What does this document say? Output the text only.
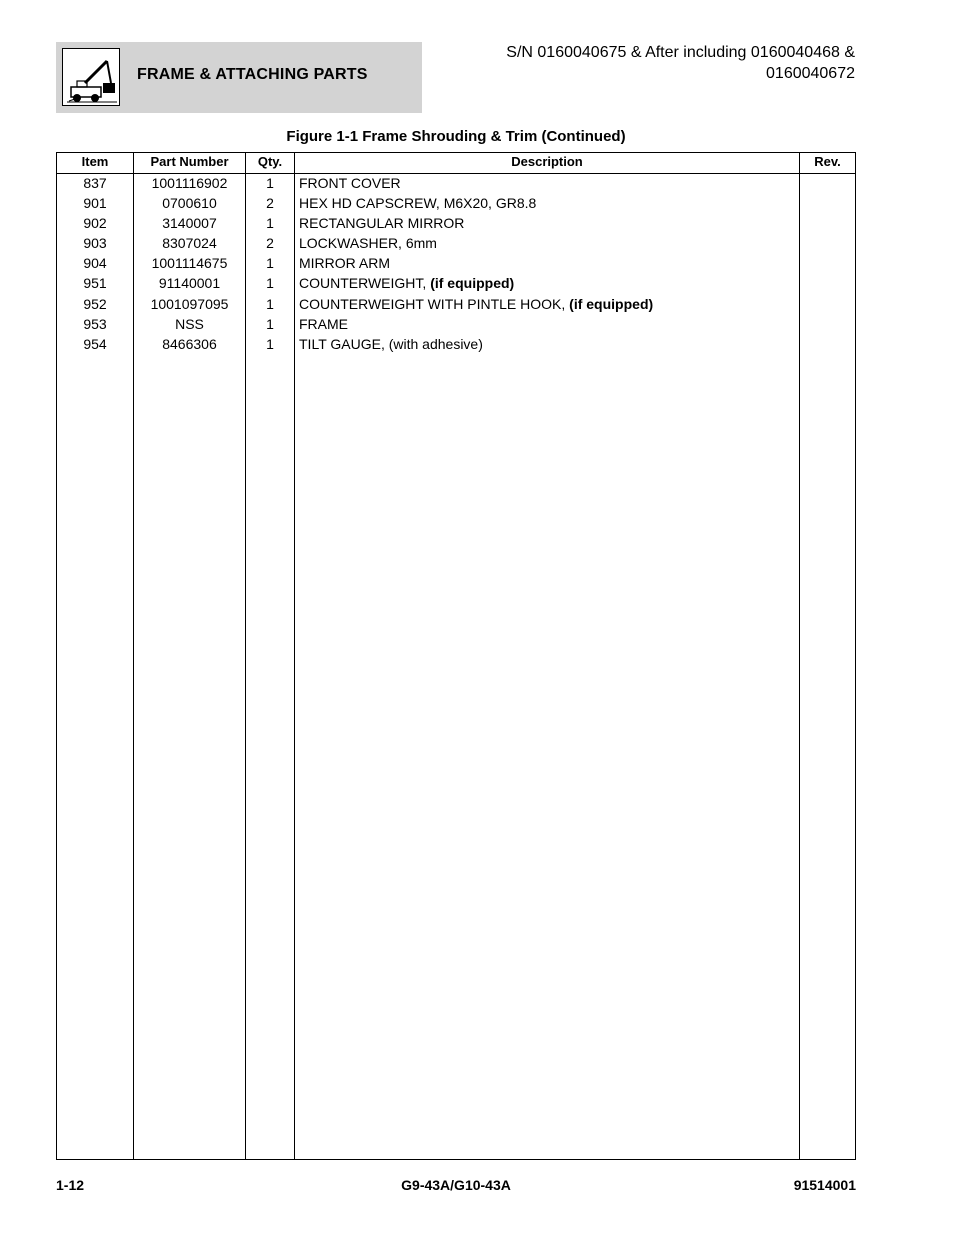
FRAME & ATTACHING PARTS
S/N 0160040675 & After including 0160040468 &
0160040672
Figure 1-1 Frame Shrouding & Trim (Continued)
Item	Part Number	Qty.	Description	Rev.
837	1001116902	1	FRONT COVER
901	0700610	2	HEX HD CAPSCREW, M6X20, GR8.8
902	3140007	1	RECTANGULAR MIRROR
903	8307024	2	LOCKWASHER, 6mm
904	1001114675	1	MIRROR ARM
951	91140001	1	COUNTERWEIGHT, (if equipped)
952	1001097095	1	COUNTERWEIGHT WITH PINTLE HOOK, (if equipped)
953	NSS	1	FRAME
954	8466306	1	TILT GAUGE, (with adhesive)
1-12	G9-43A/G10-43A	91514001
